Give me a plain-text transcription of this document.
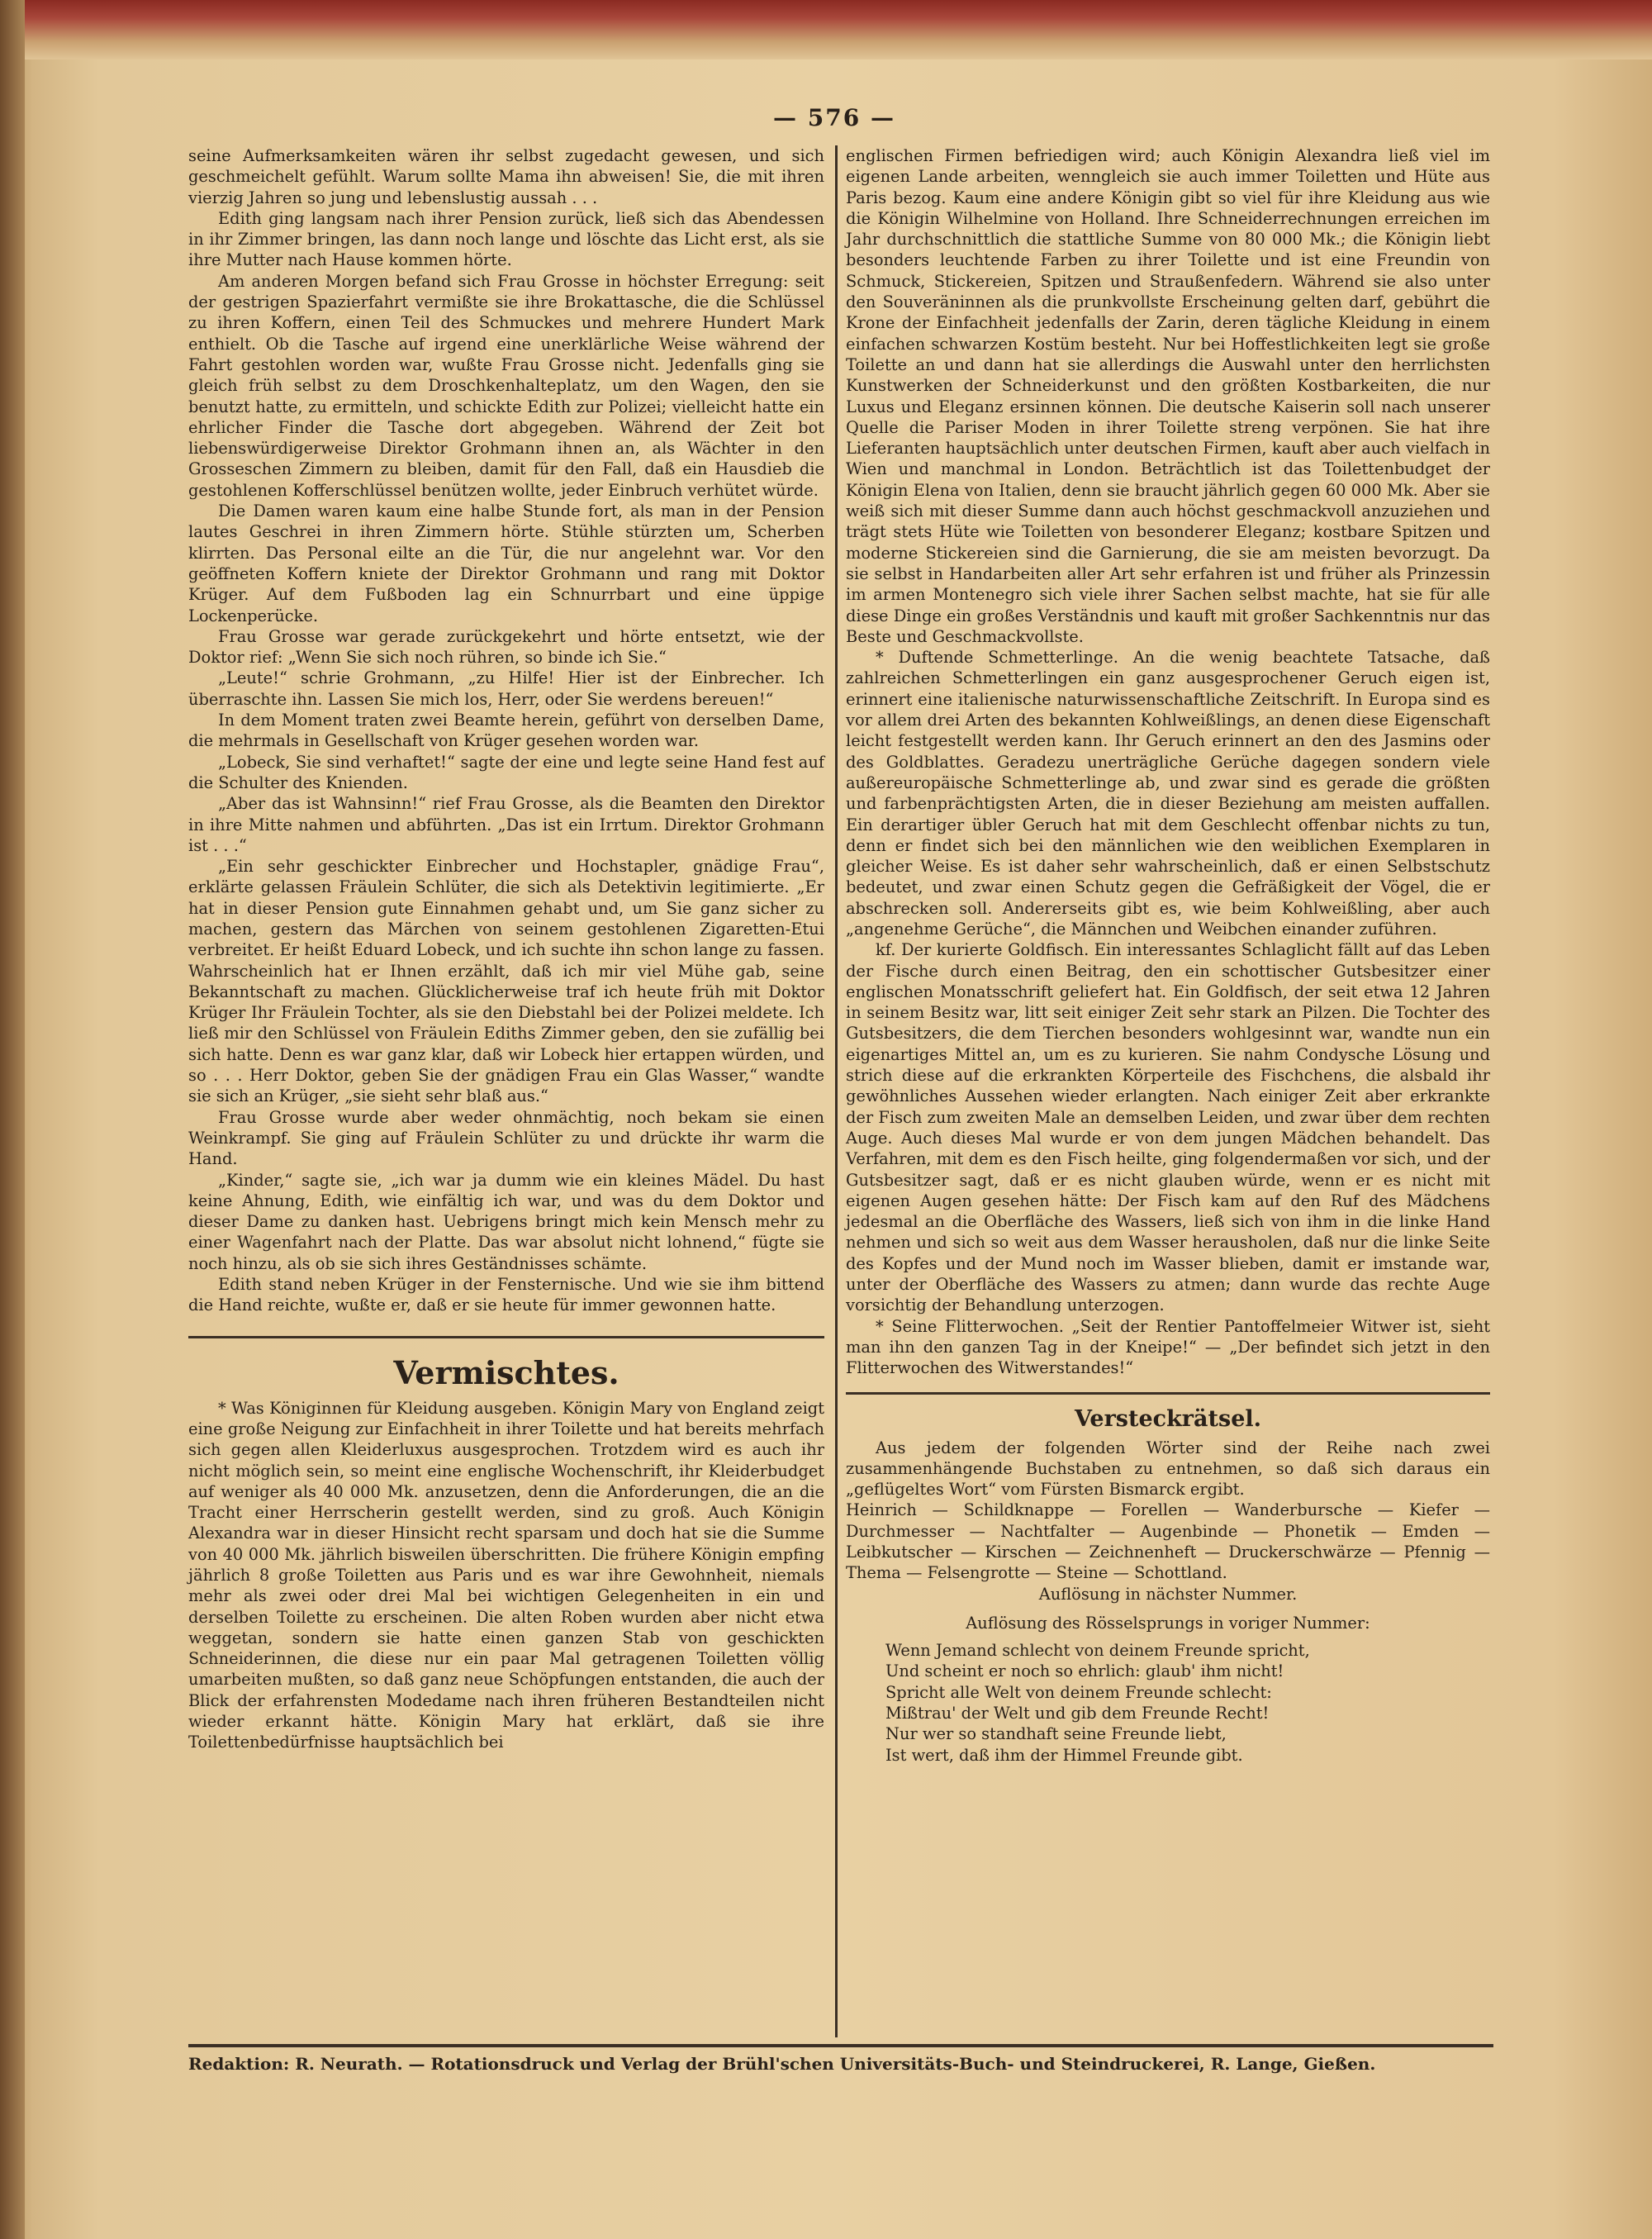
— 576 —

seine Aufmerksamkeiten wären ihr selbst zugedacht gewesen, und sich geschmeichelt gefühlt. Warum sollte Mama ihn abweisen! Sie, die mit ihren vierzig Jahren so jung und lebenslustig aussah . . .

Edith ging langsam nach ihrer Pension zurück, ließ sich das Abendessen in ihr Zimmer bringen, las dann noch lange und löschte das Licht erst, als sie ihre Mutter nach Hause kommen hörte.

Am anderen Morgen befand sich Frau Grosse in höchster Erregung: seit der gestrigen Spazierfahrt vermißte sie ihre Brokattasche, die die Schlüssel zu ihren Koffern, einen Teil des Schmuckes und mehrere Hundert Mark enthielt. Ob die Tasche auf irgend eine unerklärliche Weise während der Fahrt gestohlen worden war, wußte Frau Grosse nicht. Jedenfalls ging sie gleich früh selbst zu dem Droschkenhalteplatz, um den Wagen, den sie benutzt hatte, zu ermitteln, und schickte Edith zur Polizei; vielleicht hatte ein ehrlicher Finder die Tasche dort abgegeben. Während der Zeit bot liebenswürdigerweise Direktor Grohmann ihnen an, als Wächter in den Grosseschen Zimmern zu bleiben, damit für den Fall, daß ein Hausdieb die gestohlenen Kofferschlüssel benützen wollte, jeder Einbruch verhütet würde.

Die Damen waren kaum eine halbe Stunde fort, als man in der Pension lautes Geschrei in ihren Zimmern hörte. Stühle stürzten um, Scherben klirrten. Das Personal eilte an die Tür, die nur angelehnt war. Vor den geöffneten Koffern kniete der Direktor Grohmann und rang mit Doktor Krüger. Auf dem Fußboden lag ein Schnurrbart und eine üppige Lockenperücke.

Frau Grosse war gerade zurückgekehrt und hörte entsetzt, wie der Doktor rief: „Wenn Sie sich noch rühren, so binde ich Sie.“

„Leute!“ schrie Grohmann, „zu Hilfe! Hier ist der Einbrecher. Ich überraschte ihn. Lassen Sie mich los, Herr, oder Sie werdens bereuen!“

In dem Moment traten zwei Beamte herein, geführt von derselben Dame, die mehrmals in Gesellschaft von Krüger gesehen worden war.

„Lobeck, Sie sind verhaftet!“ sagte der eine und legte seine Hand fest auf die Schulter des Knienden.

„Aber das ist Wahnsinn!“ rief Frau Grosse, als die Beamten den Direktor in ihre Mitte nahmen und abführten. „Das ist ein Irrtum. Direktor Grohmann ist . . .“

„Ein sehr geschickter Einbrecher und Hochstapler, gnädige Frau“, erklärte gelassen Fräulein Schlüter, die sich als Detektivin legitimierte. „Er hat in dieser Pension gute Einnahmen gehabt und, um Sie ganz sicher zu machen, gestern das Märchen von seinem gestohlenen Zigaretten-Etui verbreitet. Er heißt Eduard Lobeck, und ich suchte ihn schon lange zu fassen. Wahrscheinlich hat er Ihnen erzählt, daß ich mir viel Mühe gab, seine Bekanntschaft zu machen. Glücklicherweise traf ich heute früh mit Doktor Krüger Ihr Fräulein Tochter, als sie den Diebstahl bei der Polizei meldete. Ich ließ mir den Schlüssel von Fräulein Ediths Zimmer geben, den sie zufällig bei sich hatte. Denn es war ganz klar, daß wir Lobeck hier ertappen würden, und so . . . Herr Doktor, geben Sie der gnädigen Frau ein Glas Wasser,“ wandte sie sich an Krüger, „sie sieht sehr blaß aus.“

Frau Grosse wurde aber weder ohnmächtig, noch bekam sie einen Weinkrampf. Sie ging auf Fräulein Schlüter zu und drückte ihr warm die Hand.

„Kinder,“ sagte sie, „ich war ja dumm wie ein kleines Mädel. Du hast keine Ahnung, Edith, wie einfältig ich war, und was du dem Doktor und dieser Dame zu danken hast. Uebrigens bringt mich kein Mensch mehr zu einer Wagenfahrt nach der Platte. Das war absolut nicht lohnend,“ fügte sie noch hinzu, als ob sie sich ihres Geständnisses schämte.

Edith stand neben Krüger in der Fensternische. Und wie sie ihm bittend die Hand reichte, wußte er, daß er sie heute für immer gewonnen hatte.

Vermischtes.

* Was Königinnen für Kleidung ausgeben. Königin Mary von England zeigt eine große Neigung zur Einfachheit in ihrer Toilette und hat bereits mehrfach sich gegen allen Kleiderluxus ausgesprochen. Trotzdem wird es auch ihr nicht möglich sein, so meint eine englische Wochenschrift, ihr Kleiderbudget auf weniger als 40 000 Mk. anzusetzen, denn die Anforderungen, die an die Tracht einer Herrscherin gestellt werden, sind zu groß. Auch Königin Alexandra war in dieser Hinsicht recht sparsam und doch hat sie die Summe von 40 000 Mk. jährlich bisweilen überschritten. Die frühere Königin empfing jährlich 8 große Toiletten aus Paris und es war ihre Gewohnheit, niemals mehr als zwei oder drei Mal bei wichtigen Gelegenheiten in ein und derselben Toilette zu erscheinen. Die alten Roben wurden aber nicht etwa weggetan, sondern sie hatte einen ganzen Stab von geschickten Schneiderinnen, die diese nur ein paar Mal getragenen Toiletten völlig umarbeiten mußten, so daß ganz neue Schöpfungen entstanden, die auch der Blick der erfahrensten Modedame nach ihren früheren Bestandteilen nicht wieder erkannt hätte. Königin Mary hat erklärt, daß sie ihre Toilettenbedürfnisse hauptsächlich bei

englischen Firmen befriedigen wird; auch Königin Alexandra ließ viel im eigenen Lande arbeiten, wenngleich sie auch immer Toiletten und Hüte aus Paris bezog. Kaum eine andere Königin gibt so viel für ihre Kleidung aus wie die Königin Wilhelmine von Holland. Ihre Schneiderrechnungen erreichen im Jahr durchschnittlich die stattliche Summe von 80 000 Mk.; die Königin liebt besonders leuchtende Farben zu ihrer Toilette und ist eine Freundin von Schmuck, Stickereien, Spitzen und Straußenfedern. Während sie also unter den Souveräninnen als die prunkvollste Erscheinung gelten darf, gebührt die Krone der Einfachheit jedenfalls der Zarin, deren tägliche Kleidung in einem einfachen schwarzen Kostüm besteht. Nur bei Hoffestlichkeiten legt sie große Toilette an und dann hat sie allerdings die Auswahl unter den herrlichsten Kunstwerken der Schneiderkunst und den größten Kostbarkeiten, die nur Luxus und Eleganz ersinnen können. Die deutsche Kaiserin soll nach unserer Quelle die Pariser Moden in ihrer Toilette streng verpönen. Sie hat ihre Lieferanten hauptsächlich unter deutschen Firmen, kauft aber auch vielfach in Wien und manchmal in London. Beträchtlich ist das Toilettenbudget der Königin Elena von Italien, denn sie braucht jährlich gegen 60 000 Mk. Aber sie weiß sich mit dieser Summe dann auch höchst geschmackvoll anzuziehen und trägt stets Hüte wie Toiletten von besonderer Eleganz; kostbare Spitzen und moderne Stickereien sind die Garnierung, die sie am meisten bevorzugt. Da sie selbst in Handarbeiten aller Art sehr erfahren ist und früher als Prinzessin im armen Montenegro sich viele ihrer Sachen selbst machte, hat sie für alle diese Dinge ein großes Verständnis und kauft mit großer Sachkenntnis nur das Beste und Geschmackvollste.

* Duftende Schmetterlinge. An die wenig beachtete Tatsache, daß zahlreichen Schmetterlingen ein ganz ausgesprochener Geruch eigen ist, erinnert eine italienische naturwissenschaftliche Zeitschrift. In Europa sind es vor allem drei Arten des bekannten Kohlweißlings, an denen diese Eigenschaft leicht festgestellt werden kann. Ihr Geruch erinnert an den des Jasmins oder des Goldblattes. Geradezu unerträgliche Gerüche dagegen sondern viele außereuropäische Schmetterlinge ab, und zwar sind es gerade die größten und farbenprächtigsten Arten, die in dieser Beziehung am meisten auffallen. Ein derartiger übler Geruch hat mit dem Geschlecht offenbar nichts zu tun, denn er findet sich bei den männlichen wie den weiblichen Exemplaren in gleicher Weise. Es ist daher sehr wahrscheinlich, daß er einen Selbstschutz bedeutet, und zwar einen Schutz gegen die Gefräßigkeit der Vögel, die er abschrecken soll. Andererseits gibt es, wie beim Kohlweißling, aber auch „angenehme Gerüche“, die Männchen und Weibchen einander zuführen.

kf. Der kurierte Goldfisch. Ein interessantes Schlaglicht fällt auf das Leben der Fische durch einen Beitrag, den ein schottischer Gutsbesitzer einer englischen Monatsschrift geliefert hat. Ein Goldfisch, der seit etwa 12 Jahren in seinem Besitz war, litt seit einiger Zeit sehr stark an Pilzen. Die Tochter des Gutsbesitzers, die dem Tierchen besonders wohlgesinnt war, wandte nun ein eigenartiges Mittel an, um es zu kurieren. Sie nahm Condysche Lösung und strich diese auf die erkrankten Körperteile des Fischchens, die alsbald ihr gewöhnliches Aussehen wieder erlangten. Nach einiger Zeit aber erkrankte der Fisch zum zweiten Male an demselben Leiden, und zwar über dem rechten Auge. Auch dieses Mal wurde er von dem jungen Mädchen behandelt. Das Verfahren, mit dem es den Fisch heilte, ging folgendermaßen vor sich, und der Gutsbesitzer sagt, daß er es nicht glauben würde, wenn er es nicht mit eigenen Augen gesehen hätte: Der Fisch kam auf den Ruf des Mädchens jedesmal an die Oberfläche des Wassers, ließ sich von ihm in die linke Hand nehmen und sich so weit aus dem Wasser herausholen, daß nur die linke Seite des Kopfes und der Mund noch im Wasser blieben, damit er imstande war, unter der Oberfläche des Wassers zu atmen; dann wurde das rechte Auge vorsichtig der Behandlung unterzogen.

* Seine Flitterwochen. „Seit der Rentier Pantoffelmeier Witwer ist, sieht man ihn den ganzen Tag in der Kneipe!“ — „Der befindet sich jetzt in den Flitterwochen des Witwerstandes!“

Versteckrätsel.

Aus jedem der folgenden Wörter sind der Reihe nach zwei zusammenhängende Buchstaben zu entnehmen, so daß sich daraus ein „geflügeltes Wort“ vom Fürsten Bismarck ergibt.

Heinrich — Schildknappe — Forellen — Wanderbursche — Kiefer — Durchmesser — Nachtfalter — Augenbinde — Phonetik — Emden — Leibkutscher — Kirschen — Zeichnenheft — Druckerschwärze — Pfennig — Thema — Felsengrotte — Steine — Schottland.

Auflösung in nächster Nummer.

Auflösung des Rösselsprungs in voriger Nummer:

Wenn Jemand schlecht von deinem Freunde spricht,
Und scheint er noch so ehrlich: glaub' ihm nicht!
Spricht alle Welt von deinem Freunde schlecht:
Mißtrau' der Welt und gib dem Freunde Recht!
Nur wer so standhaft seine Freunde liebt,
Ist wert, daß ihm der Himmel Freunde gibt.
Redaktion: R. Neurath. — Rotationsdruck und Verlag der Brühl'schen Universitäts-Buch- und Steindruckerei, R. Lange, Gießen.
